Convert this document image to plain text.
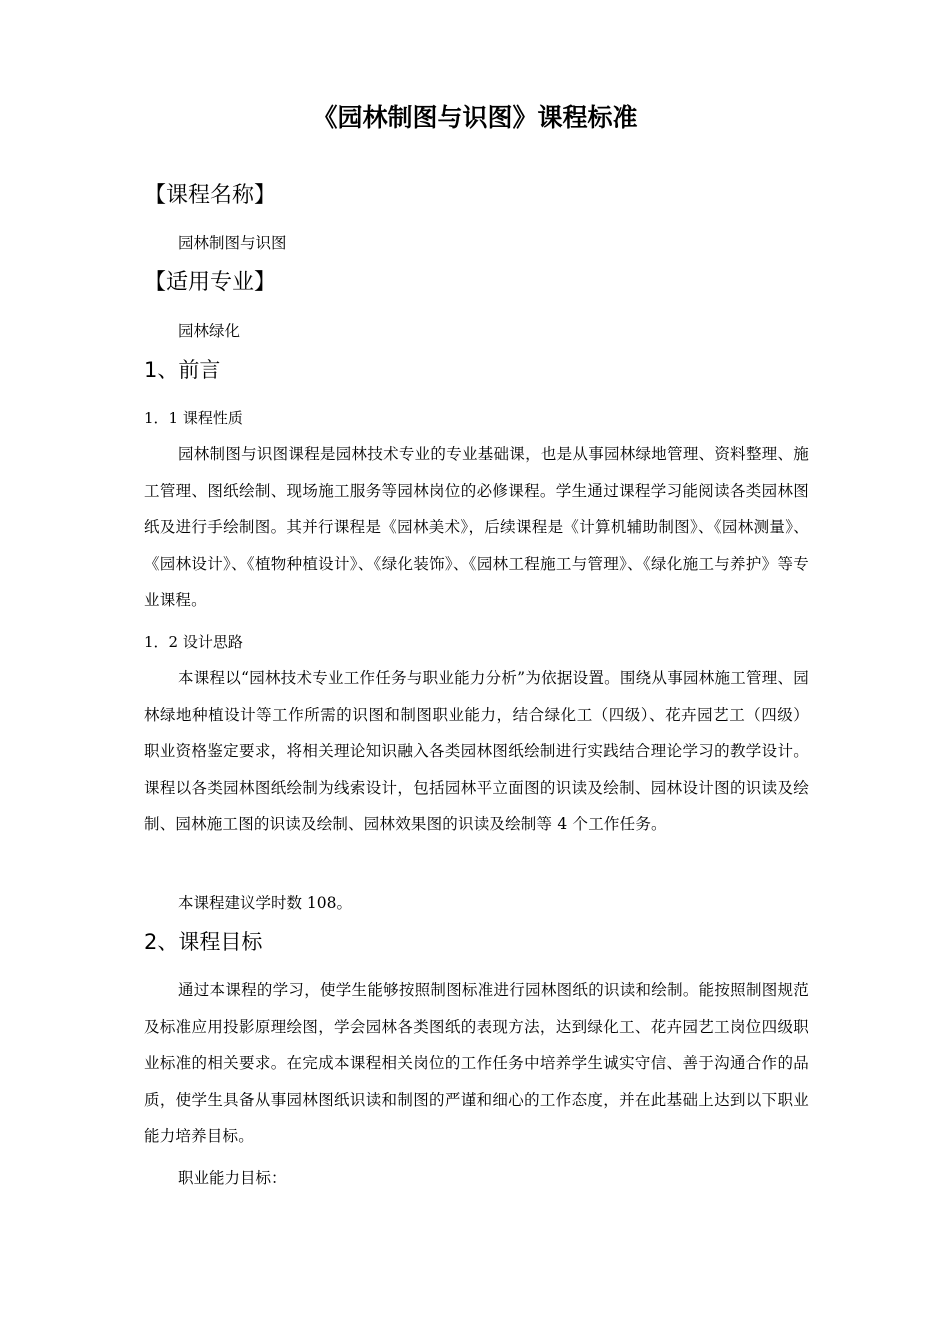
《园林制图与识图》课程标准
【课程名称】
园林制图与识图
【适用专业】
园林绿化
1、前言
1．1 课程性质
园林制图与识图课程是园林技术专业的专业基础课，也是从事园林绿地管理、资料整理、施工管理、图纸绘制、现场施工服务等园林岗位的必修课程。学生通过课程学习能阅读各类园林图纸及进行手绘制图。其并行课程是《园林美术》，后续课程是《计算机辅助制图》、《园林测量》、《园林设计》、《植物种植设计》、《绿化装饰》、《园林工程施工与管理》、《绿化施工与养护》等专业课程。
1．2 设计思路
本课程以“园林技术专业工作任务与职业能力分析”为依据设置。围绕从事园林施工管理、园林绿地种植设计等工作所需的识图和制图职业能力，结合绿化工（四级）、花卉园艺工（四级）职业资格鉴定要求，将相关理论知识融入各类园林图纸绘制进行实践结合理论学习的教学设计。课程以各类园林图纸绘制为线索设计，包括园林平立面图的识读及绘制、园林设计图的识读及绘制、园林施工图的识读及绘制、园林效果图的识读及绘制等 4 个工作任务。
本课程建议学时数 108。
2、课程目标
通过本课程的学习，使学生能够按照制图标准进行园林图纸的识读和绘制。能按照制图规范及标准应用投影原理绘图，学会园林各类图纸的表现方法，达到绿化工、花卉园艺工岗位四级职业标准的相关要求。在完成本课程相关岗位的工作任务中培养学生诚实守信、善于沟通合作的品质，使学生具备从事园林图纸识读和制图的严谨和细心的工作态度，并在此基础上达到以下职业能力培养目标。
职业能力目标：
